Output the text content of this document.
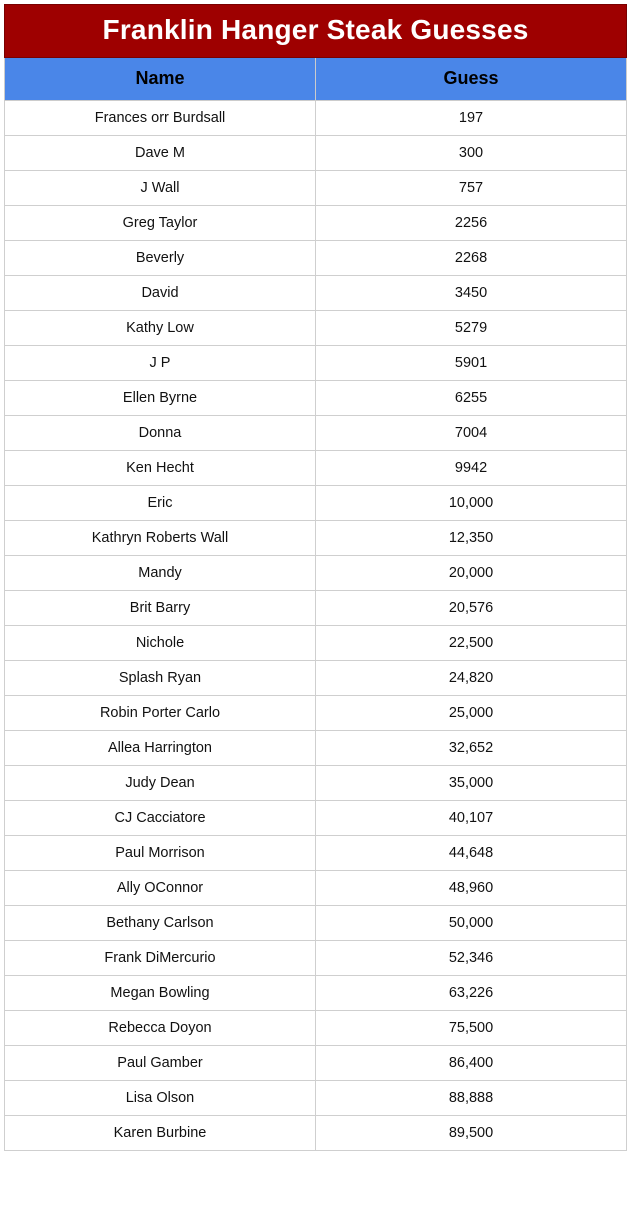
Franklin Hanger Steak Guesses	
Name	Guess
Frances orr Burdsall	197
Dave M	300
J Wall	757
Greg Taylor	2256
Beverly	2268
David	3450
Kathy Low	5279
J P	5901
Ellen Byrne	6255
Donna	7004
Ken Hecht	9942
Eric	10,000
Kathryn Roberts Wall	12,350
Mandy	20,000
Brit Barry	20,576
Nichole	22,500
Splash Ryan	24,820
Robin Porter Carlo	25,000
Allea Harrington	32,652
Judy Dean	35,000
CJ Cacciatore	40,107
Paul Morrison	44,648
Ally OConnor	48,960
Bethany Carlson	50,000
Frank DiMercurio	52,346
Megan Bowling	63,226
Rebecca Doyon	75,500
Paul Gamber	86,400
Lisa Olson	88,888
Karen Burbine	89,500
